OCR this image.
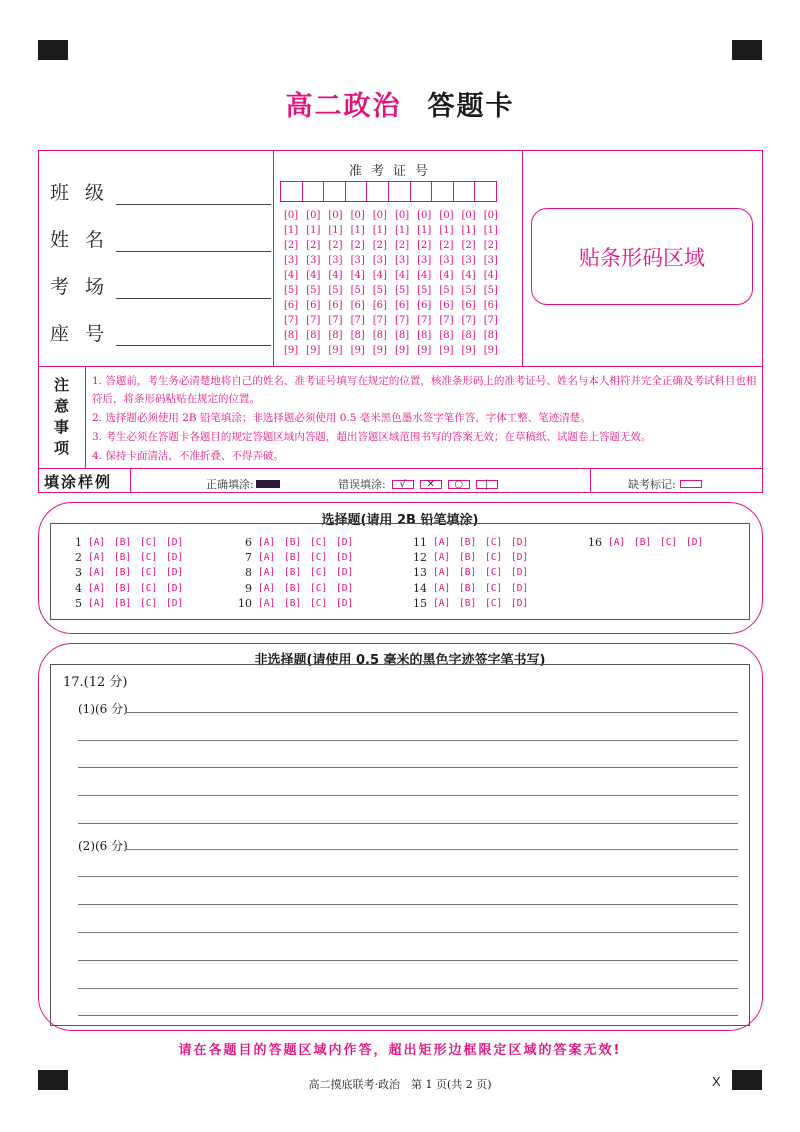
高二政治 答题卡
班级
姓名
考场
座号
准考证号
[0] [0] [0] [0] [0] [0] [0] [0] [0] [0]
[1] [1] [1] [1] [1] [1] [1] [1] [1] [1]
[2] [2] [2] [2] [2] [2] [2] [2] [2] [2]
[3] [3] [3] [3] [3] [3] [3] [3] [3] [3]
[4] [4] [4] [4] [4] [4] [4] [4] [4] [4]
[5] [5] [5] [5] [5] [5] [5] [5] [5] [5]
[6] [6] [6] [6] [6] [6] [6] [6] [6] [6]
[7] [7] [7] [7] [7] [7] [7] [7] [7] [7]
[8] [8] [8] [8] [8] [8] [8] [8] [8] [8]
[9] [9] [9] [9] [9] [9] [9] [9] [9] [9]
贴条形码区域
注
意
事
项

1. 答题前，考生务必清楚地将自己的姓名、准考证号填写在规定的位置，核准条形码上的准考证号、姓名与本人相符并完全正确及考试科目也相符后，将条形码粘贴在规定的位置。

2. 选择题必须使用 2B 铅笔填涂；非选择题必须使用 0.5 毫米黑色墨水签字笔作答，字体工整、笔迹清楚。

3. 考生必须在答题卡各题目的规定答题区域内答题，超出答题区域范围书写的答案无效；在草稿纸、试题卷上答题无效。

4. 保持卡面清洁，不准折叠、不得弄破。

填涂样例	正确填涂:	错误填涂:	√	✕	○	|	缺考标记:
选择题(请用 2B 铅笔填涂)
1 [A] [B] [C] [D]
2 [A] [B] [C] [D]
3 [A] [B] [C] [D]
4 [A] [B] [C] [D]
5 [A] [B] [C] [D]
6 [A] [B] [C] [D]
7 [A] [B] [C] [D]
8 [A] [B] [C] [D]
9 [A] [B] [C] [D]
10 [A] [B] [C] [D]
11 [A] [B] [C] [D]
12 [A] [B] [C] [D]
13 [A] [B] [C] [D]
14 [A] [B] [C] [D]
15 [A] [B] [C] [D]
16 [A] [B] [C] [D]
非选择题(请使用 0.5 毫米的黑色字迹签字笔书写)
17.(12 分)
(1)(6 分)
(2)(6 分)
请在各题目的答题区域内作答，超出矩形边框限定区域的答案无效!
高二摸底联考·政治　第 1 页(共 2 页)	X
